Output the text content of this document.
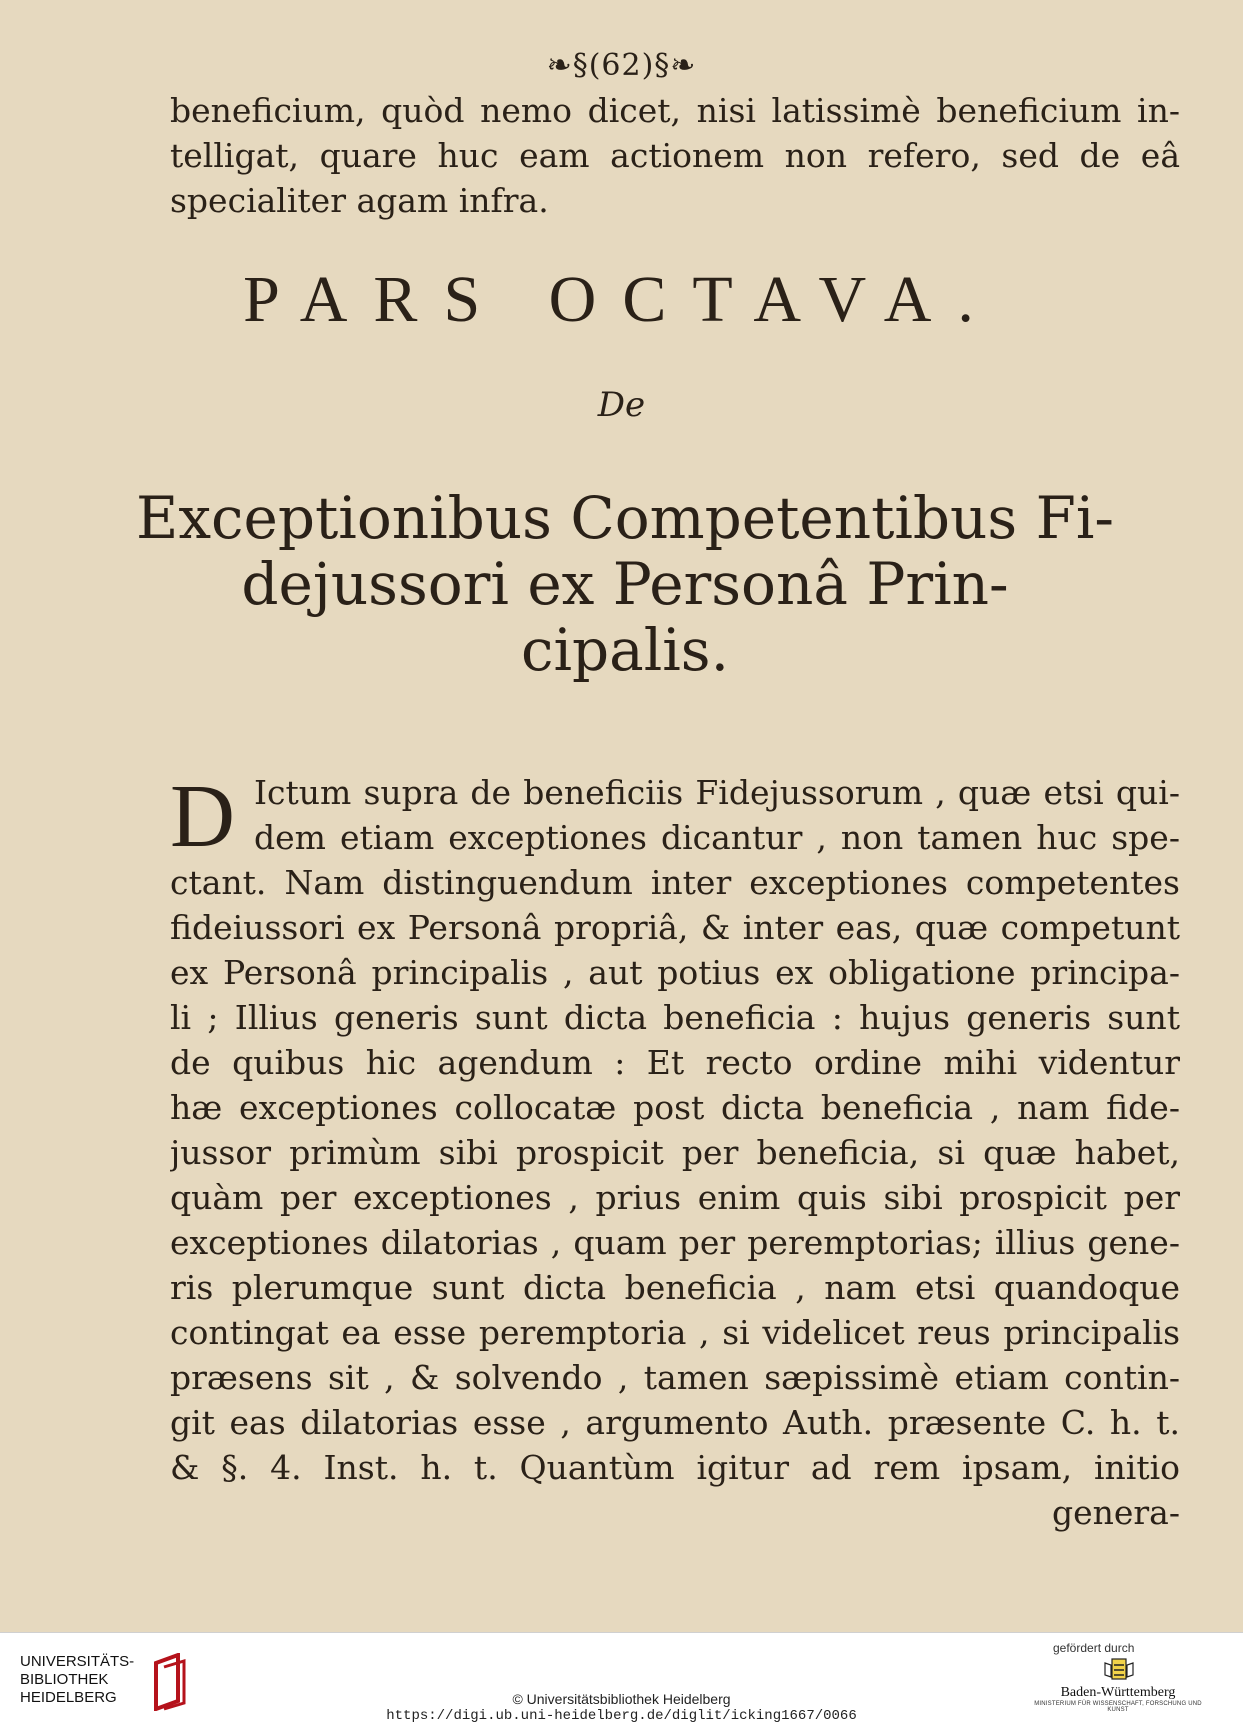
❧§(62)§❧
beneficium, quòd nemo dicet, nisi latissimè beneficium in-
telligat, quare huc eam actionem non refero, sed de eâ
specialiter agam infra.
PARS OCTAVA.
De
Exceptionibus Competentibus Fi-
dejussori ex Personâ Prin-
cipalis.
D Ictum supra de beneficiis Fidejussorum , quæ etsi qui-
dem etiam exceptiones dicantur , non tamen huc spe-
ctant. Nam distinguendum inter exceptiones competentes
fideiussori ex Personâ propriâ, & inter eas, quæ competunt
ex Personâ principalis , aut potius ex obligatione principa-
li ; Illius generis sunt dicta beneficia : hujus generis sunt
de quibus hic agendum : Et recto ordine mihi videntur
hæ exceptiones collocatæ post dicta beneficia , nam fide-
jussor primùm sibi prospicit per beneficia, si quæ habet,
quàm per exceptiones , prius enim quis sibi prospicit per
exceptiones dilatorias , quam per peremptorias; illius gene-
ris plerumque sunt dicta beneficia , nam etsi quandoque
contingat ea esse peremptoria , si videlicet reus principalis
præsens sit , & solvendo , tamen sæpissimè etiam contin-
git eas dilatorias esse , argumento Auth. præsente C. h. t.
& §. 4. Inst. h. t. Quantùm igitur ad rem ipsam, initio
genera-
UNIVERSITÄTS-
BIBLIOTHEK
HEIDELBERG	© Universitätsbibliothek Heidelberg
https://digi.ub.uni-heidelberg.de/diglit/icking1667/0066
gefördert durch
Baden-Württemberg
MINISTERIUM FÜR WISSENSCHAFT, FORSCHUNG UND KUNST
